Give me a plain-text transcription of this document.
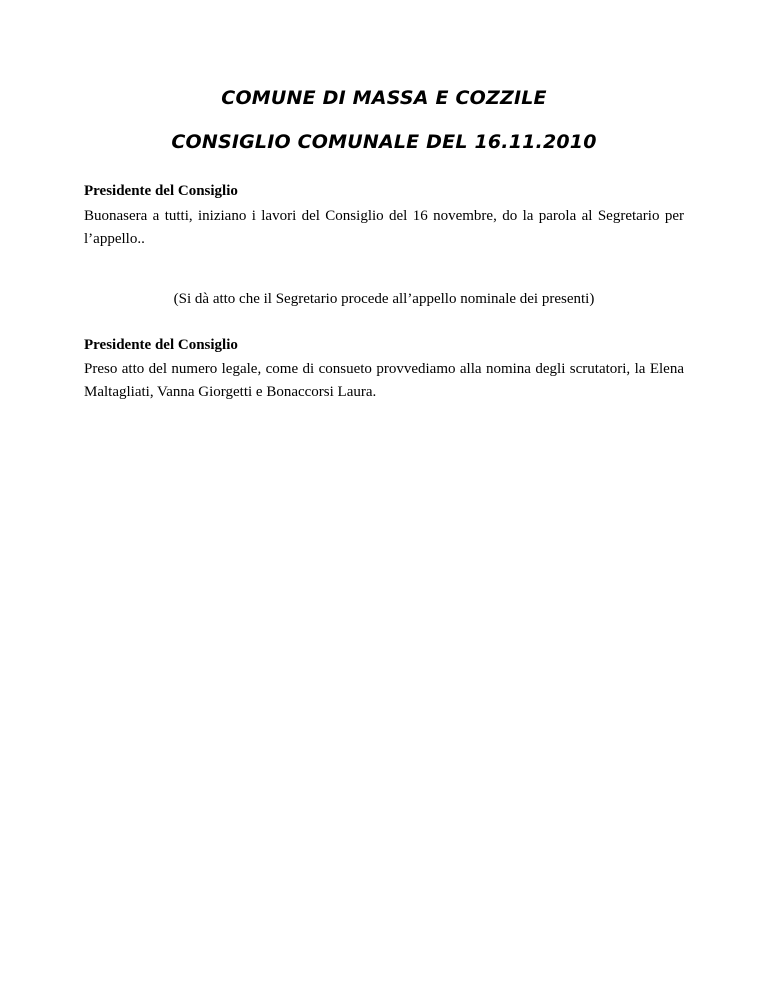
COMUNE DI MASSA E COZZILE
CONSIGLIO COMUNALE DEL 16.11.2010
Presidente del Consiglio
Buonasera a tutti, iniziano i lavori del Consiglio del 16 novembre, do la parola al Segretario per l’appello..
(Si dà atto che il Segretario procede all’appello nominale dei presenti)
Presidente del Consiglio
Preso atto del numero legale, come di consueto provvediamo alla nomina degli scrutatori, la Elena Maltagliati, Vanna Giorgetti e Bonaccorsi Laura.
